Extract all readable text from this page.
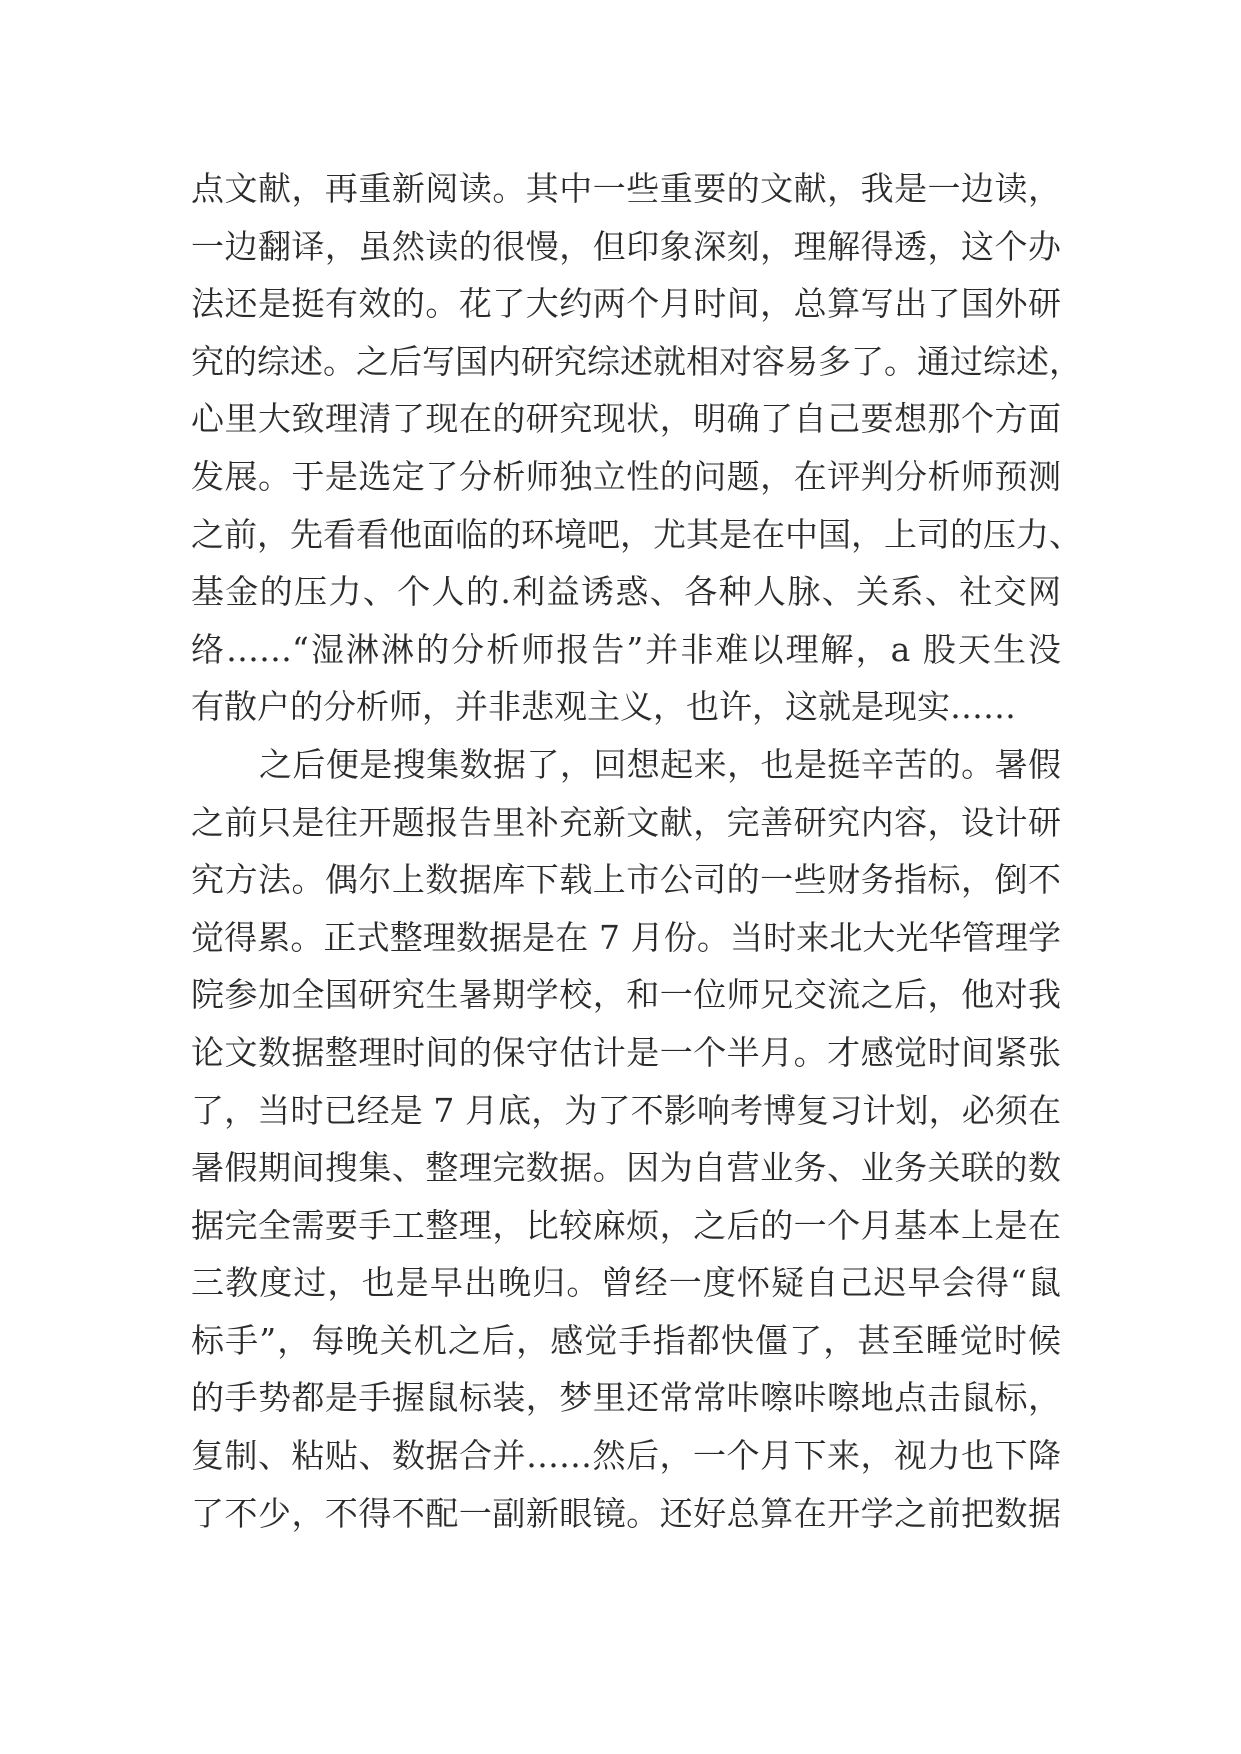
点文献，再重新阅读。其中一些重要的文献，我是一边读，
一边翻译，虽然读的很慢，但印象深刻，理解得透，这个办
法还是挺有效的。花了大约两个月时间，总算写出了国外研
究的综述。之后写国内研究综述就相对容易多了。通过综述，
心里大致理清了现在的研究现状，明确了自己要想那个方面
发展。于是选定了分析师独立性的问题，在评判分析师预测
之前，先看看他面临的环境吧，尤其是在中国，上司的压力、
基金的压力、个人的.利益诱惑、各种人脉、关系、社交网
络……“湿淋淋的分析师报告”并非难以理解，a 股天生没
有散户的分析师，并非悲观主义，也许，这就是现实……
之后便是搜集数据了，回想起来，也是挺辛苦的。暑假
之前只是往开题报告里补充新文献，完善研究内容，设计研
究方法。偶尔上数据库下载上市公司的一些财务指标，倒不
觉得累。正式整理数据是在 7 月份。当时来北大光华管理学
院参加全国研究生暑期学校，和一位师兄交流之后，他对我
论文数据整理时间的保守估计是一个半月。才感觉时间紧张
了，当时已经是 7 月底，为了不影响考博复习计划，必须在
暑假期间搜集、整理完数据。因为自营业务、业务关联的数
据完全需要手工整理，比较麻烦，之后的一个月基本上是在
三教度过，也是早出晚归。曾经一度怀疑自己迟早会得“鼠
标手”，每晚关机之后，感觉手指都快僵了，甚至睡觉时候
的手势都是手握鼠标装，梦里还常常咔嚓咔嚓地点击鼠标，
复制、粘贴、数据合并……然后，一个月下来，视力也下降
了不少，不得不配一副新眼镜。还好总算在开学之前把数据
